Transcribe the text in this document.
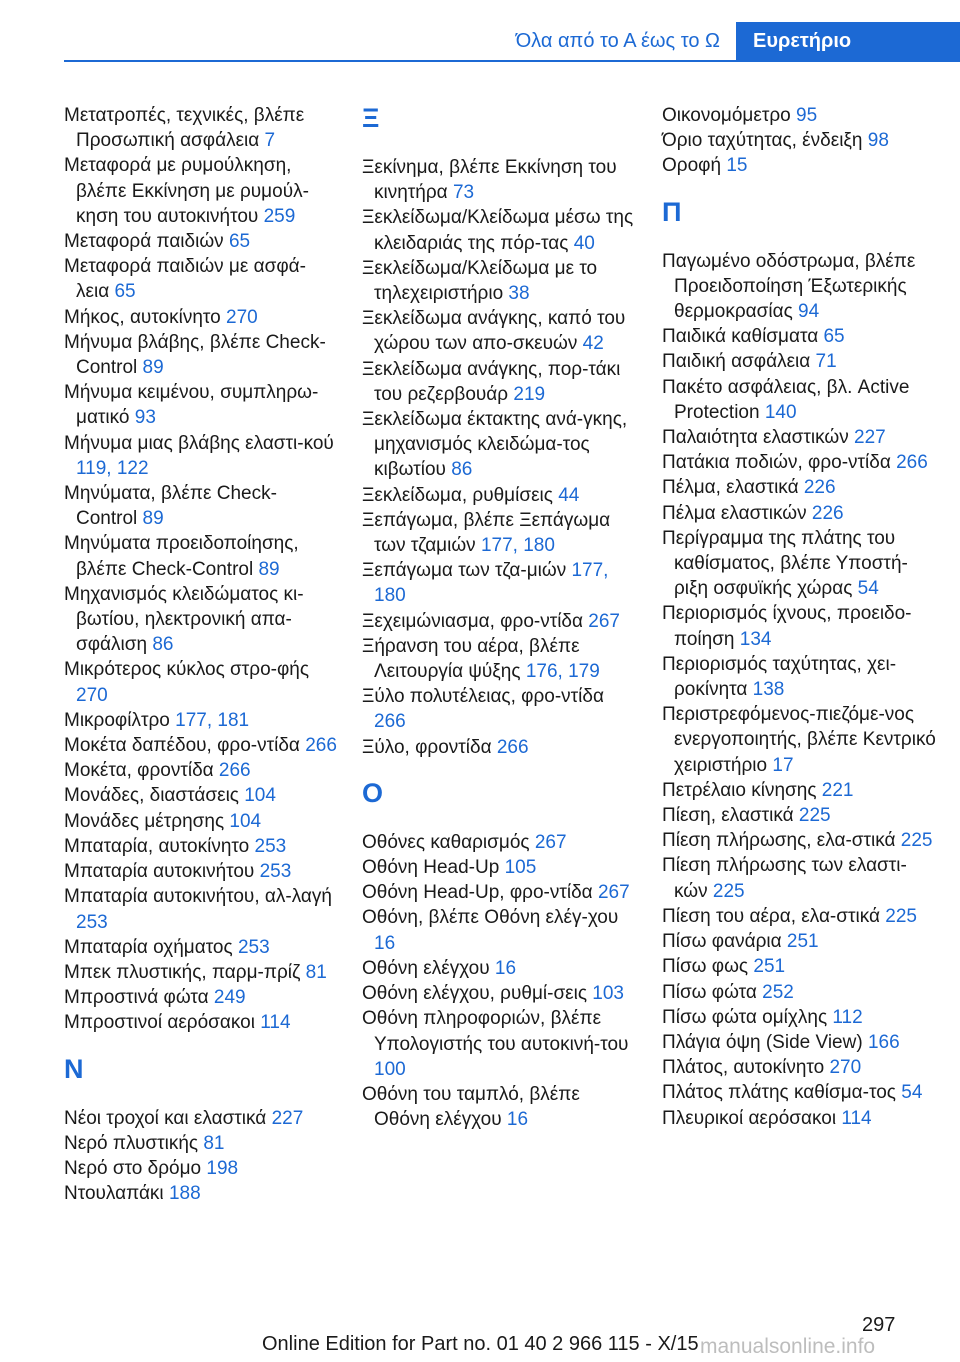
Όλα από το Α έως το Ω	Ευρετήριο
Μετατροπές, τεχνικές, βλέπε Προσωπική ασφάλεια 7
Μεταφορά με ρυμούλκηση, βλέπε Εκκίνηση με ρυμούλ‐κηση του αυτοκινήτου 259
Μεταφορά παιδιών 65
Μεταφορά παιδιών με ασφά‐λεια 65
Μήκος, αυτοκίνητο 270
Μήνυμα βλάβης, βλέπε Check-Control 89
Μήνυμα κειμένου, συμπληρω‐ματικό 93
Μήνυμα μιας βλάβης ελαστι‐κού 119, 122
Μηνύματα, βλέπε Check-Control 89
Μηνύματα προειδοποίησης, βλέπε Check-Control 89
Μηχανισμός κλειδώματος κι‐βωτίου, ηλεκτρονική απα‐σφάλιση 86
Μικρότερος κύκλος στρο‐φής 270
Μικροφίλτρο 177, 181
Μοκέτα δαπέδου, φρο‐ντίδα 266
Μοκέτα, φροντίδα 266
Μονάδες, διαστάσεις 104
Μονάδες μέτρησης 104
Μπαταρία, αυτοκίνητο 253
Μπαταρία αυτοκινήτου 253
Μπαταρία αυτοκινήτου, αλ‐λαγή 253
Μπαταρία οχήματος 253
Μπεκ πλυστικής, παρμ‐πρίζ 81
Μπροστινά φώτα 249
Μπροστινοί αερόσακοι 114
Ν
Νέοι τροχοί και ελαστικά 227
Νερό πλυστικής 81
Νερό στο δρόμο 198
Ντουλαπάκι 188
Ξ
Ξεκίνημα, βλέπε Εκκίνηση του κινητήρα 73
Ξεκλείδωμα/Κλείδωμα μέσω της κλειδαριάς της πόρ‐τας 40
Ξεκλείδωμα/Κλείδωμα με το τηλεχειριστήριο 38
Ξεκλείδωμα ανάγκης, καπό του χώρου των απο‐σκευών 42
Ξεκλείδωμα ανάγκης, πορ‐τάκι του ρεζερβουάρ 219
Ξεκλείδωμα έκτακτης ανά‐γκης, μηχανισμός κλειδώμα‐τος κιβωτίου 86
Ξεκλείδωμα, ρυθμίσεις 44
Ξεπάγωμα, βλέπε Ξεπάγωμα των τζαμιών 177, 180
Ξεπάγωμα των τζα‐μιών 177, 180
Ξεχειμώνιασμα, φρο‐ντίδα 267
Ξήρανση του αέρα, βλέπε Λειτουργία ψύξης 176, 179
Ξύλο πολυτέλειας, φρο‐ντίδα 266
Ξύλο, φροντίδα 266
Ο
Οθόνες καθαρισμός 267
Οθόνη Head-Up 105
Οθόνη Head-Up, φρο‐ντίδα 267
Οθόνη, βλέπε Οθόνη ελέγ‐χου 16
Οθόνη ελέγχου 16
Οθόνη ελέγχου, ρυθμί‐σεις 103
Οθόνη πληροφοριών, βλέπε Υπολογιστής του αυτοκινή‐του 100
Οθόνη του ταμπλό, βλέπε Οθόνη ελέγχου 16
Οικονομόμετρο 95
Όριο ταχύτητας, ένδειξη 98
Οροφή 15
Π
Παγωμένο οδόστρωμα, βλέπε Προειδοποίηση Έξωτερικής θερμοκρασίας 94
Παιδικά καθίσματα 65
Παιδική ασφάλεια 71
Πακέτο ασφάλειας, βλ. Active Protection 140
Παλαιότητα ελαστικών 227
Πατάκια ποδιών, φρο‐ντίδα 266
Πέλμα, ελαστικά 226
Πέλμα ελαστικών 226
Περίγραμμα της πλάτης του καθίσματος, βλέπε Υποστή‐ριξη οσφυϊκής χώρας 54
Περιορισμός ίχνους, προειδο‐ποίηση 134
Περιορισμός ταχύτητας, χει‐ροκίνητα 138
Περιστρεφόμενος-πιεζόμε‐νος ενεργοποιητής, βλέπε Κεντρικό χειριστήριο 17
Πετρέλαιο κίνησης 221
Πίεση, ελαστικά 225
Πίεση πλήρωσης, ελα‐στικά 225
Πίεση πλήρωσης των ελαστι‐κών 225
Πίεση του αέρα, ελα‐στικά 225
Πίσω φανάρια 251
Πίσω φως 251
Πίσω φώτα 252
Πίσω φώτα ομίχλης 112
Πλάγια όψη (Side View) 166
Πλάτος, αυτοκίνητο 270
Πλάτος πλάτης καθίσμα‐τος 54
Πλευρικοί αερόσακοι 114
297
Online Edition for Part no. 01 40 2 966 115 - X/15 manualsonline.info
